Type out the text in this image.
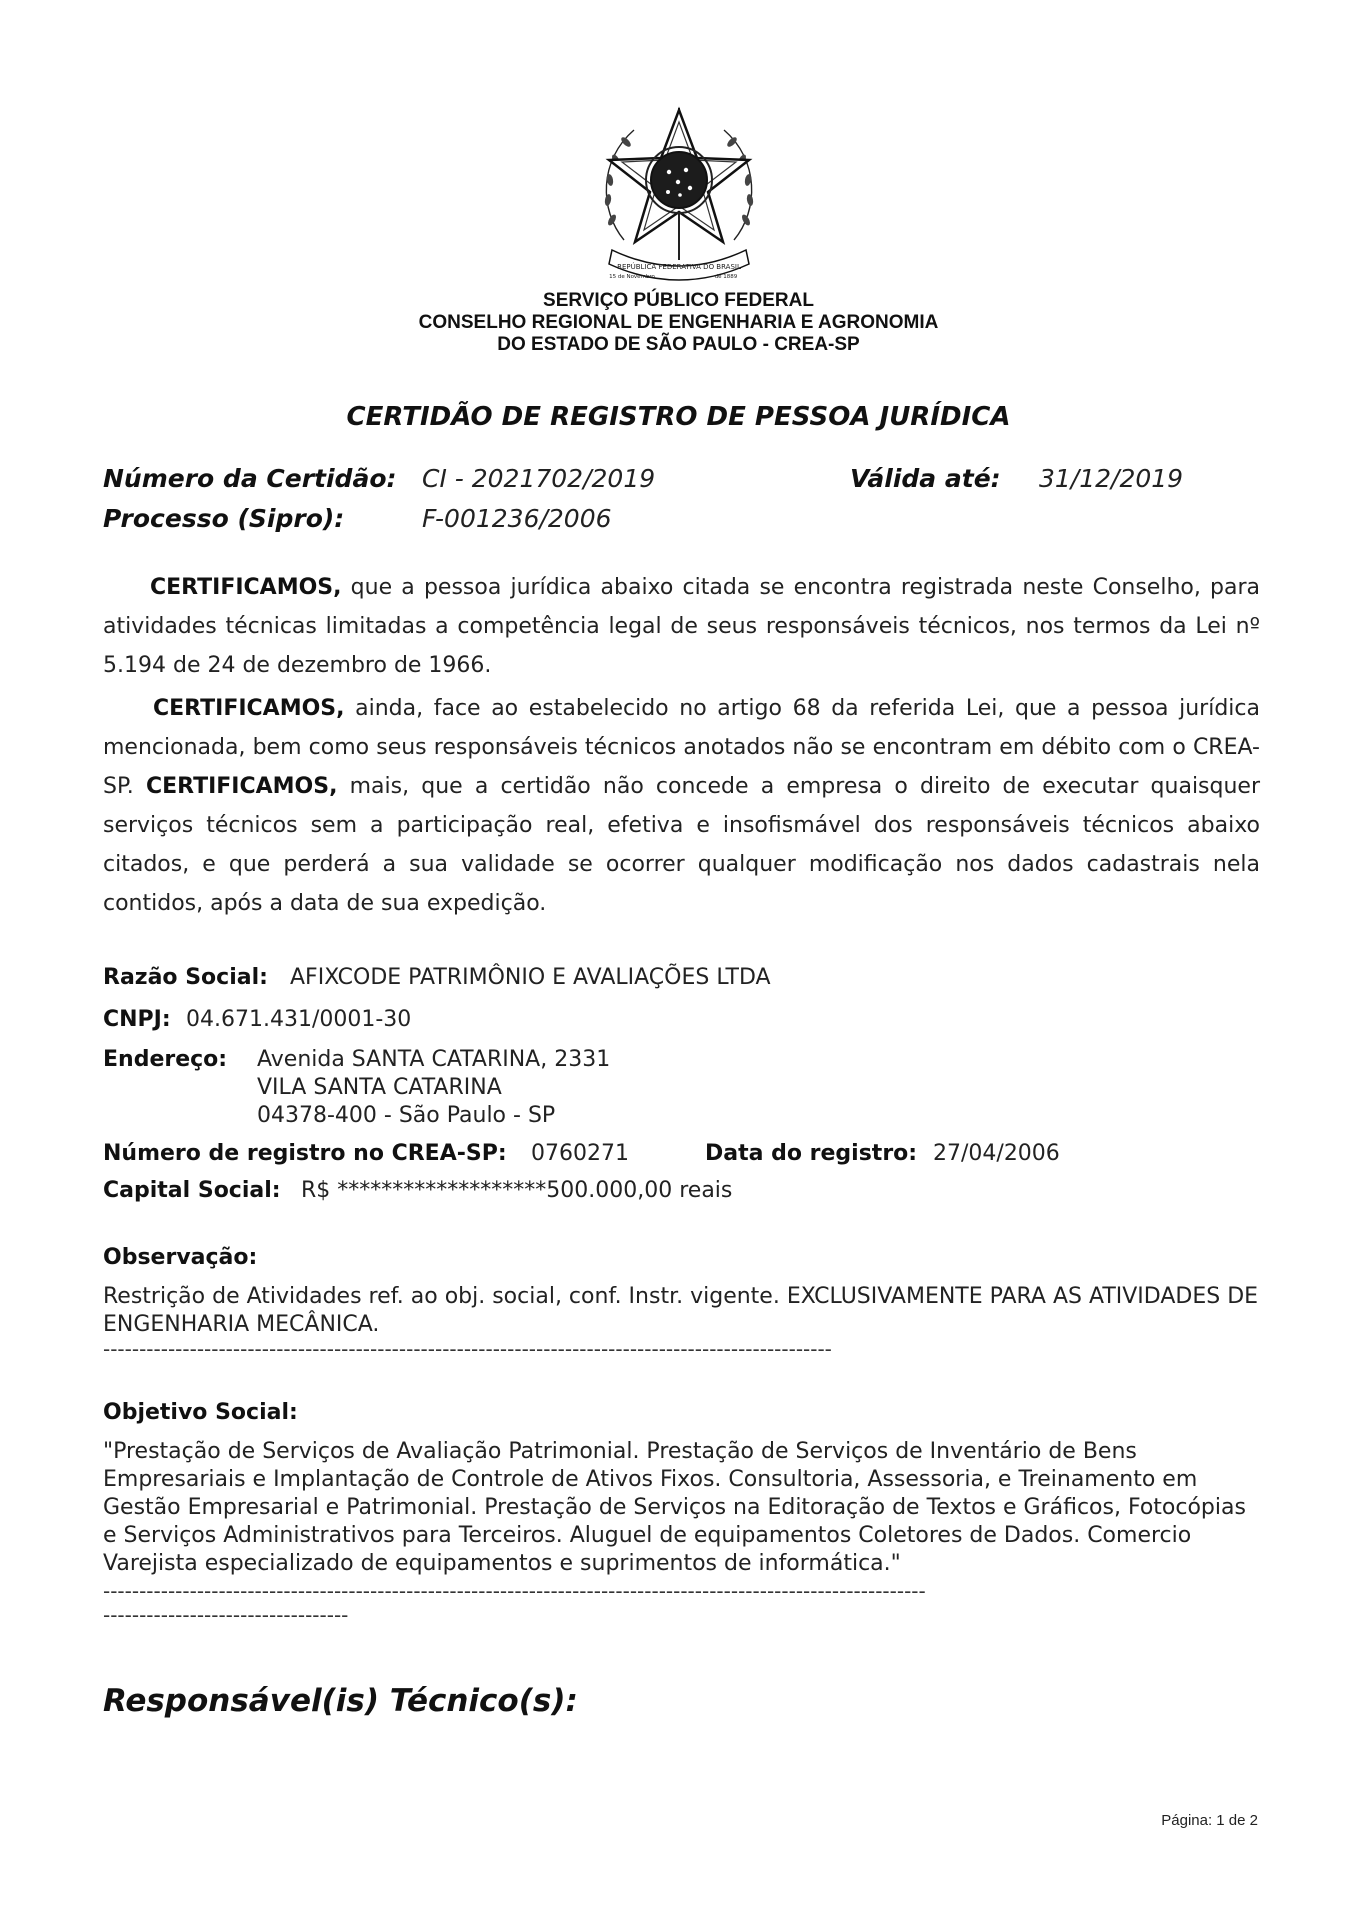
REPÚBLICA FEDERATIVA DO BRASIL
15 de Novembro	de 1889
SERVIÇO PÚBLICO FEDERAL
CONSELHO REGIONAL DE ENGENHARIA E AGRONOMIA
DO ESTADO DE SÃO PAULO - CREA-SP
CERTIDÃO DE REGISTRO DE PESSOA JURÍDICA
Número da Certidão: CI - 2021702/2019	Válida até: 31/12/2019
Processo (Sipro):	F-001236/2006
CERTIFICAMOS, que a pessoa jurídica abaixo citada se encontra registrada neste Conselho, para atividades técnicas limitadas a competência legal de seus responsáveis técnicos, nos termos da Lei nº 5.194 de 24 de dezembro de 1966.
CERTIFICAMOS, ainda, face ao estabelecido no artigo 68 da referida Lei, que a pessoa jurídica mencionada, bem como seus responsáveis técnicos anotados não se encontram em débito com o CREA-SP. CERTIFICAMOS, mais, que a certidão não concede a empresa o direito de executar quaisquer serviços técnicos sem a participação real, efetiva e insofismável dos responsáveis técnicos abaixo citados, e que perderá a sua validade se ocorrer qualquer modificação nos dados cadastrais nela contidos, após a data de sua expedição.
Razão Social: AFIXCODE PATRIMÔNIO E AVALIAÇÕES LTDA
CNPJ: 04.671.431/0001-30
Endereço: Avenida SANTA CATARINA, 2331
VILA SANTA CATARINA
04378-400 - São Paulo - SP
Número de registro no CREA-SP: 0760271	Data do registro: 27/04/2006
Capital Social: R$ *******************500.000,00 reais
Observação:
Restrição de Atividades ref. ao obj. social, conf. Instr. vigente. EXCLUSIVAMENTE PARA AS ATIVIDADES DE ENGENHARIA MECÂNICA.
-----------------------------------------------------------------------------------------------------
Objetivo Social:
"Prestação de Serviços de Avaliação Patrimonial. Prestação de Serviços de Inventário de Bens Empresariais e Implantação de Controle de Ativos Fixos. Consultoria, Assessoria, e Treinamento em Gestão Empresarial e Patrimonial. Prestação de Serviços na Editoração de Textos e Gráficos, Fotocópias e Serviços Administrativos para Terceiros. Aluguel de equipamentos Coletores de Dados. Comercio Varejista especializado de equipamentos e suprimentos de informática."
------------------------------------------------------------------------------------------------------------------
----------------------------------
Responsável(is) Técnico(s):
Página: 1 de 2
